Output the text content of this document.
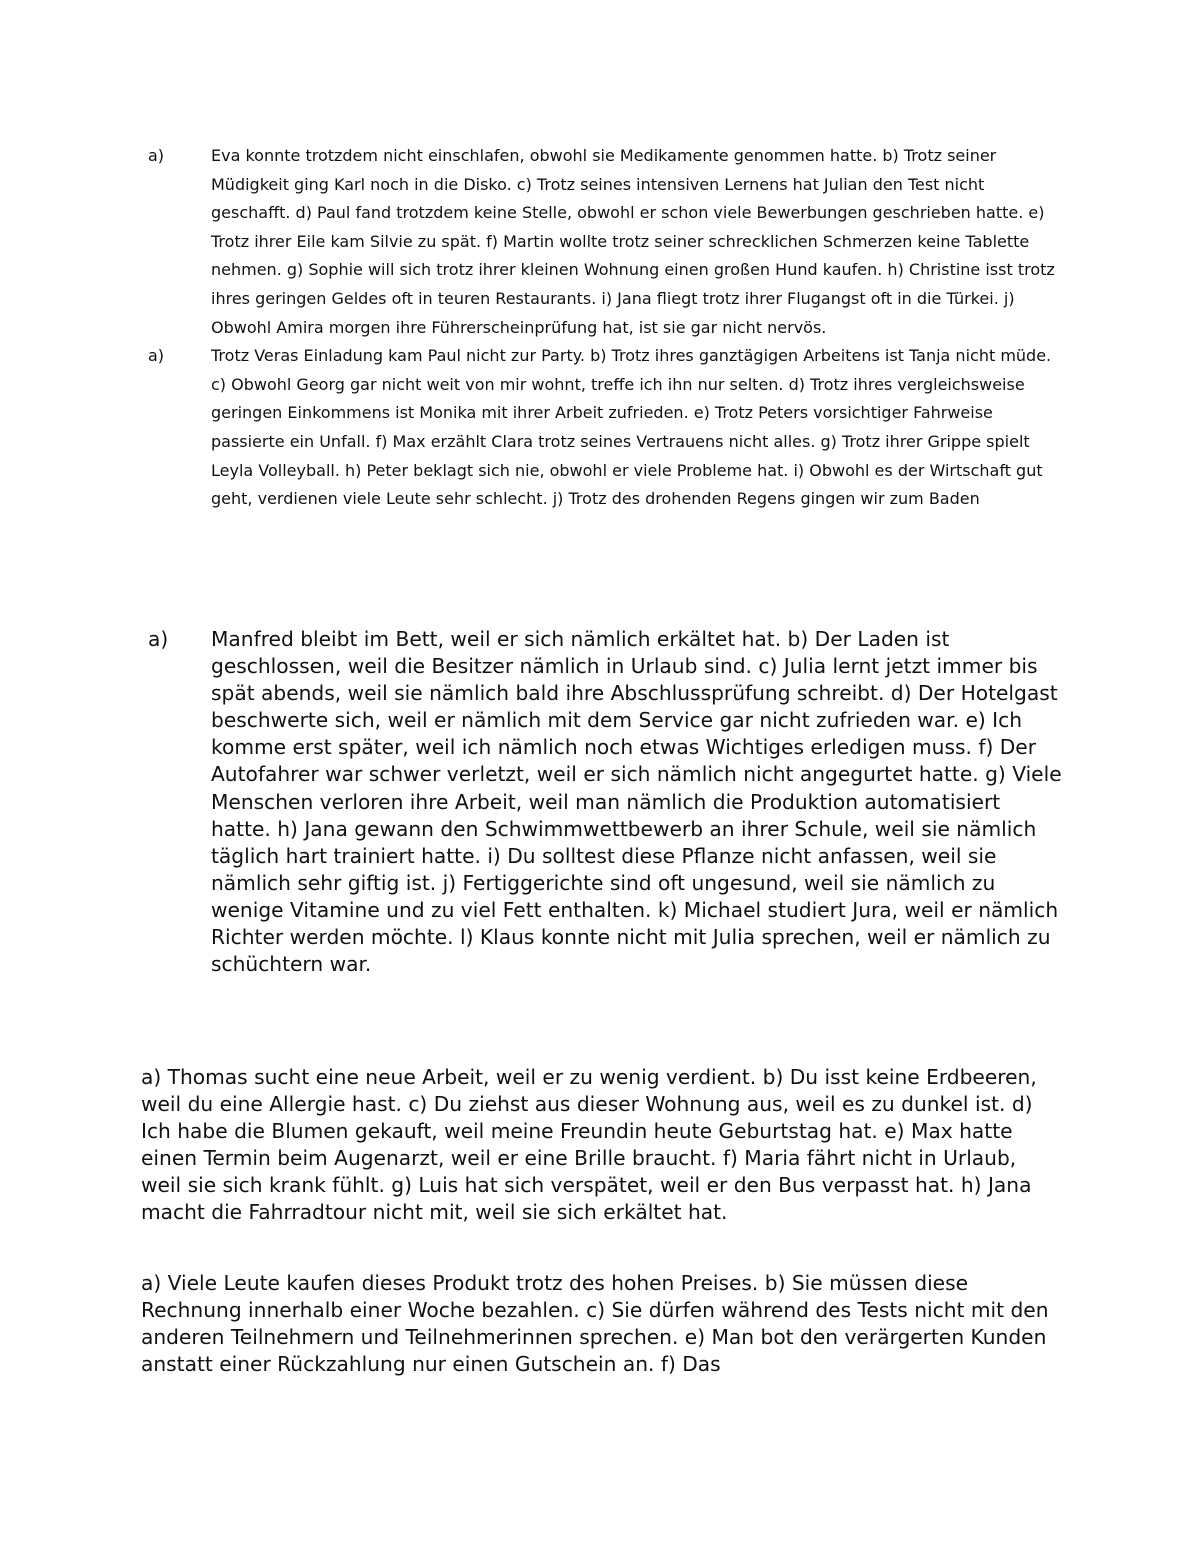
a)	Eva konnte trotzdem nicht einschlafen, obwohl sie Medikamente genommen hatte. b) Trotz seiner Müdigkeit ging Karl noch in die Disko. c) Trotz seines intensiven Lernens hat Julian den Test nicht geschafft. d) Paul fand trotzdem keine Stelle, obwohl er schon viele Bewerbungen geschrieben hatte. e) Trotz ihrer Eile kam Silvie zu spät. f) Martin wollte trotz seiner schrecklichen Schmerzen keine Tablette nehmen. g) Sophie will sich trotz ihrer kleinen Wohnung einen großen Hund kaufen. h) Christine isst trotz ihres geringen Geldes oft in teuren Restaurants. i) Jana fliegt trotz ihrer Flugangst oft in die Türkei. j) Obwohl Amira morgen ihre Führerscheinprüfung hat, ist sie gar nicht nervös.
a)	Trotz Veras Einladung kam Paul nicht zur Party. b) Trotz ihres ganztägigen Arbeitens ist Tanja nicht müde. c) Obwohl Georg gar nicht weit von mir wohnt, treffe ich ihn nur selten. d) Trotz ihres vergleichsweise geringen Einkommens ist Monika mit ihrer Arbeit zufrieden. e) Trotz Peters vorsichtiger Fahrweise passierte ein Unfall. f) Max erzählt Clara trotz seines Vertrauens nicht alles. g) Trotz ihrer Grippe spielt Leyla Volleyball. h) Peter beklagt sich nie, obwohl er viele Probleme hat. i) Obwohl es der Wirtschaft gut geht, verdienen viele Leute sehr schlecht. j) Trotz des drohenden Regens gingen wir zum Baden
a)	Manfred bleibt im Bett, weil er sich nämlich erkältet hat. b) Der Laden ist geschlossen, weil die Besitzer nämlich in Urlaub sind. c) Julia lernt jetzt immer bis spät abends, weil sie nämlich bald ihre Abschlussprüfung schreibt. d) Der Hotelgast beschwerte sich, weil er nämlich mit dem Service gar nicht zufrieden war. e) Ich komme erst später, weil ich nämlich noch etwas Wichtiges erledigen muss. f) Der Autofahrer war schwer verletzt, weil er sich nämlich nicht angegurtet hatte. g) Viele Menschen verloren ihre Arbeit, weil man nämlich die Produktion automatisiert hatte. h) Jana gewann den Schwimmwettbewerb an ihrer Schule, weil sie nämlich täglich hart trainiert hatte. i) Du solltest diese Pflanze nicht anfassen, weil sie nämlich sehr giftig ist. j) Fertiggerichte sind oft ungesund, weil sie nämlich zu wenige Vitamine und zu viel Fett enthalten. k) Michael studiert Jura, weil er nämlich Richter werden möchte. l) Klaus konnte nicht mit Julia sprechen, weil er nämlich zu schüchtern war.

a) Thomas sucht eine neue Arbeit, weil er zu wenig verdient. b) Du isst keine Erdbeeren, weil du eine Allergie hast. c) Du ziehst aus dieser Wohnung aus, weil es zu dunkel ist. d) Ich habe die Blumen gekauft, weil meine Freundin heute Geburtstag hat. e) Max hatte einen Termin beim Augenarzt, weil er eine Brille braucht. f) Maria fährt nicht in Urlaub, weil sie sich krank fühlt. g) Luis hat sich verspätet, weil er den Bus verpasst hat. h) Jana macht die Fahrradtour nicht mit, weil sie sich erkältet hat.

a) Viele Leute kaufen dieses Produkt trotz des hohen Preises. b) Sie müssen diese Rechnung innerhalb einer Woche bezahlen. c) Sie dürfen während des Tests nicht mit den anderen Teilnehmern und Teilnehmerinnen sprechen. e) Man bot den verärgerten Kunden anstatt einer Rückzahlung nur einen Gutschein an. f) Das
